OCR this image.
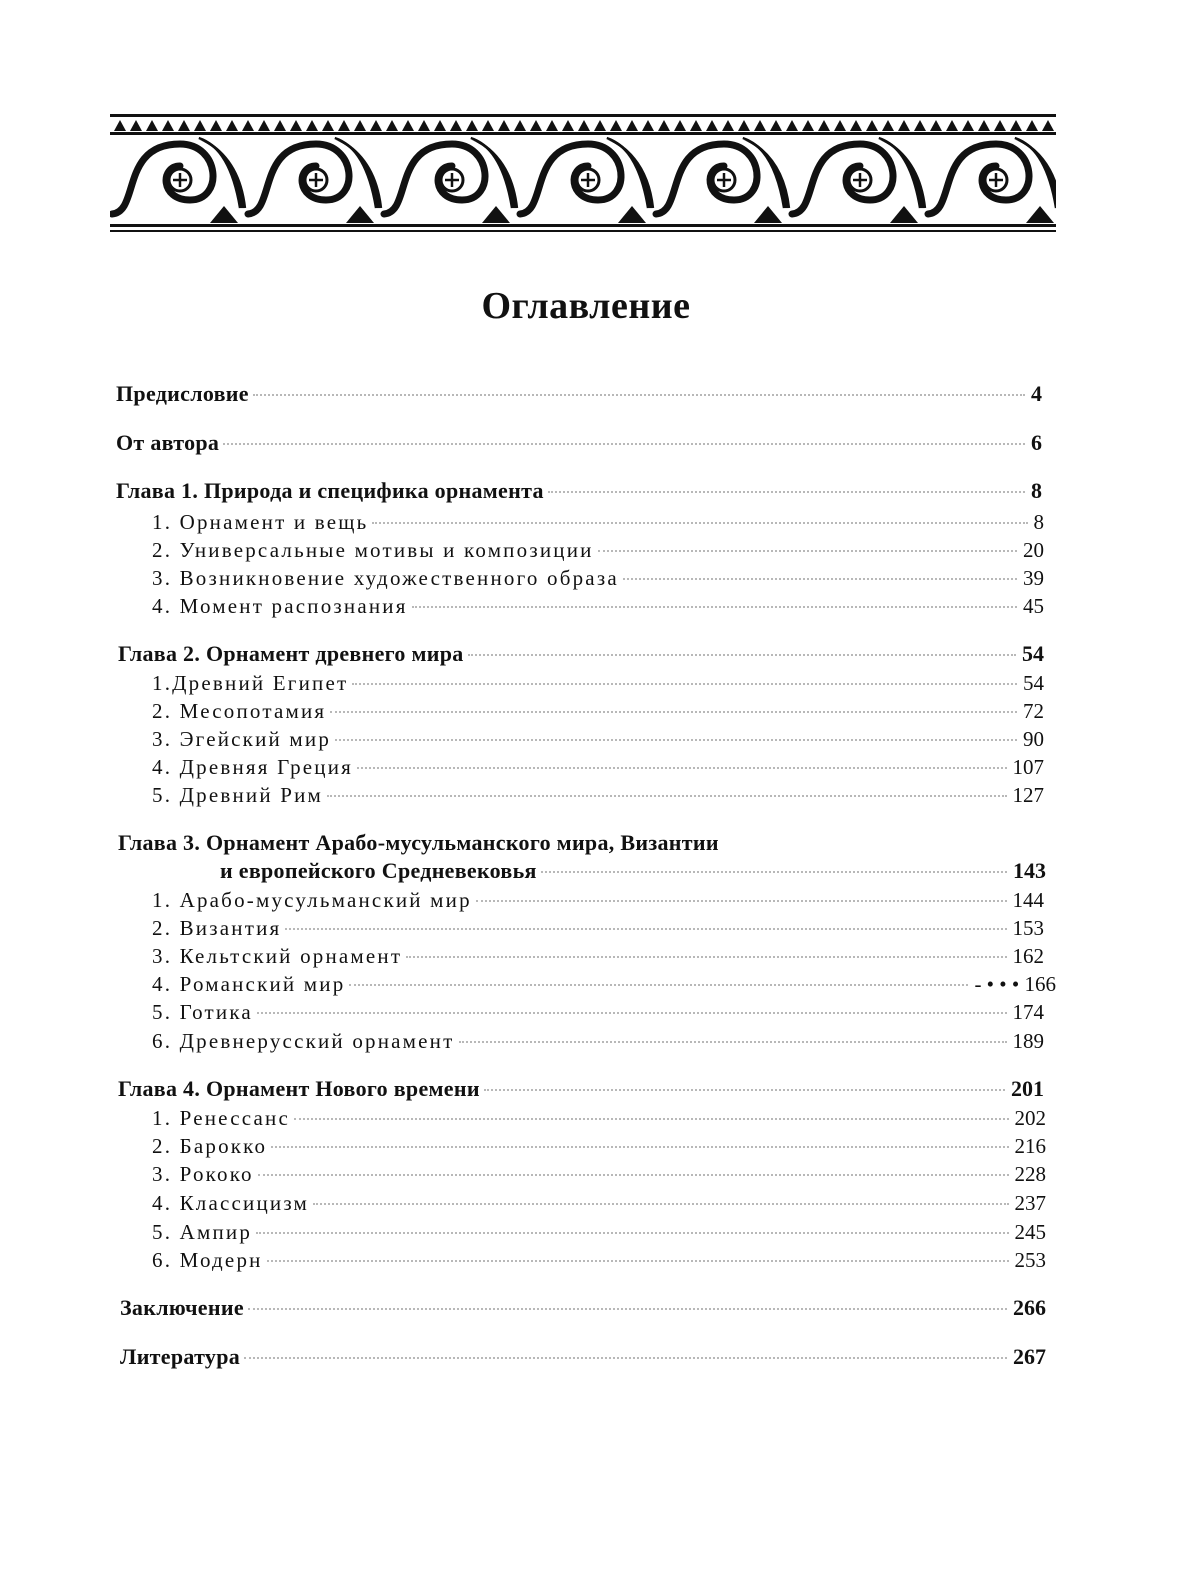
Оглавление
Предисловие	4
От автора	6
Глава 1. Природа и специфика орнамента	8
1. Орнамент и вещь	8
2. Универсальные мотивы и композиции	20
3. Возникновение художественного образа	39
4. Момент распознания	45
Глава 2. Орнамент древнего мира	54
1.Древний Египет	54
2. Месопотамия	72
3. Эгейский мир	90
4. Древняя Греция	107
5. Древний Рим	127
Глава 3. Орнамент Арабо-мусульманского мира, Византии
и европейского Средневековья	143
1. Арабо-мусульманский мир	144
2. Византия	153
3. Кельтский орнамент	162
4. Романский мир	- • • • 166
5. Готика	174
6. Древнерусский орнамент	189
Глава 4. Орнамент Нового времени	201
1. Ренессанс	202
2. Барокко	216
3. Рококо	228
4. Классицизм	237
5. Ампир	245
6. Модерн	253
Заключение	266
Литература	267
